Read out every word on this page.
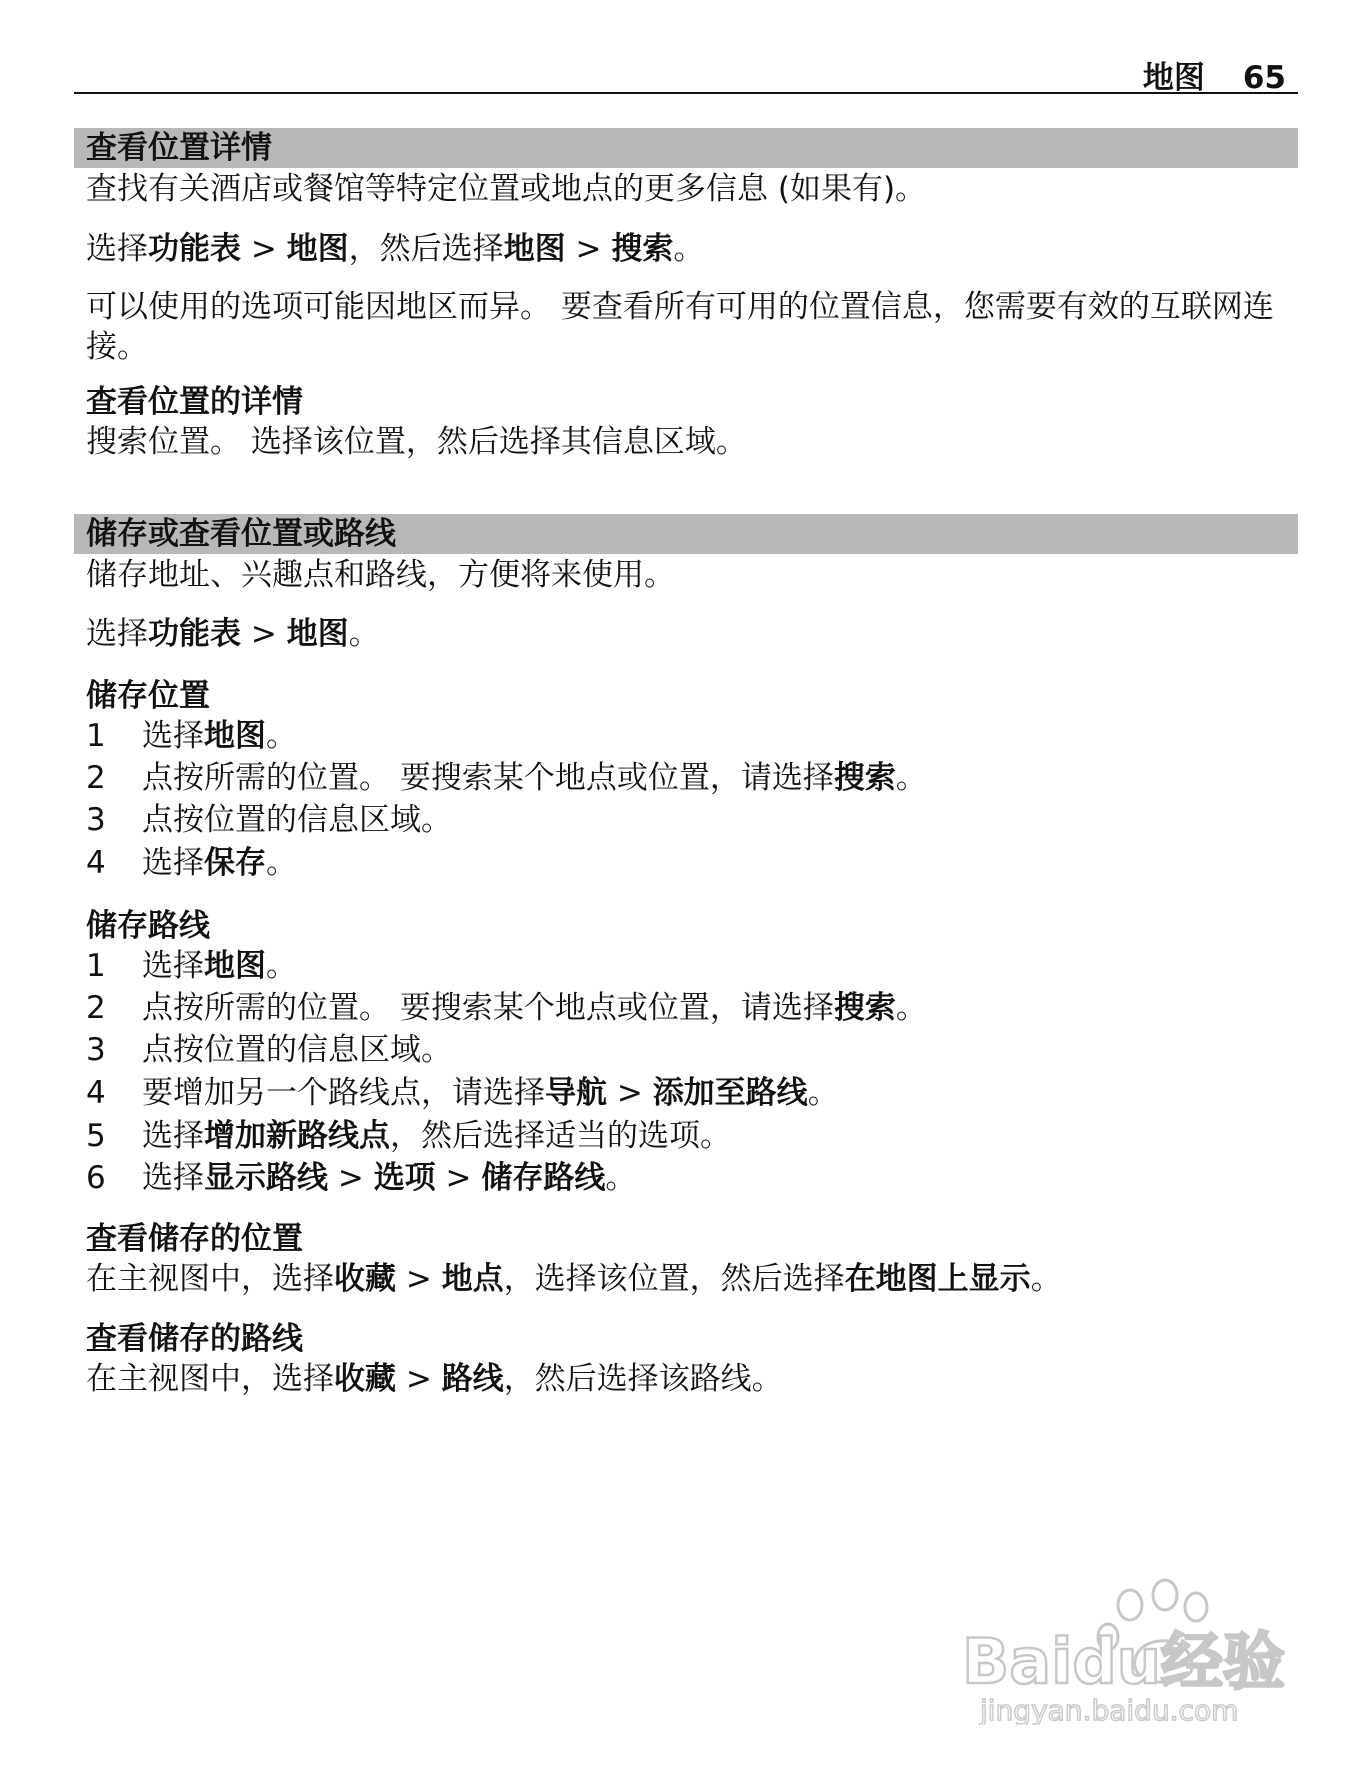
地图 65
查看位置详情
查找有关酒店或餐馆等特定位置或地点的更多信息 (如果有)。
选择功能表 > 地图，然后选择地图 > 搜索。
可以使用的选项可能因地区而异。 要查看所有可用的位置信息，您需要有效的互联网连接。
查看位置的详情
搜索位置。 选择该位置，然后选择其信息区域。
储存或查看位置或路线
储存地址、兴趣点和路线，方便将来使用。
选择功能表 > 地图。
储存位置
1 选择地图。
2 点按所需的位置。 要搜索某个地点或位置，请选择搜索。
3 点按位置的信息区域。
4 选择保存。
储存路线
1 选择地图。
2 点按所需的位置。 要搜索某个地点或位置，请选择搜索。
3 点按位置的信息区域。
4 要增加另一个路线点，请选择导航 > 添加至路线。
5 选择增加新路线点，然后选择适当的选项。
6 选择显示路线 > 选项 > 储存路线。
查看储存的位置
在主视图中，选择收藏 > 地点，选择该位置，然后选择在地图上显示。
查看储存的路线
在主视图中，选择收藏 > 路线，然后选择该路线。
Baidu经验
jingyan.baidu.com
